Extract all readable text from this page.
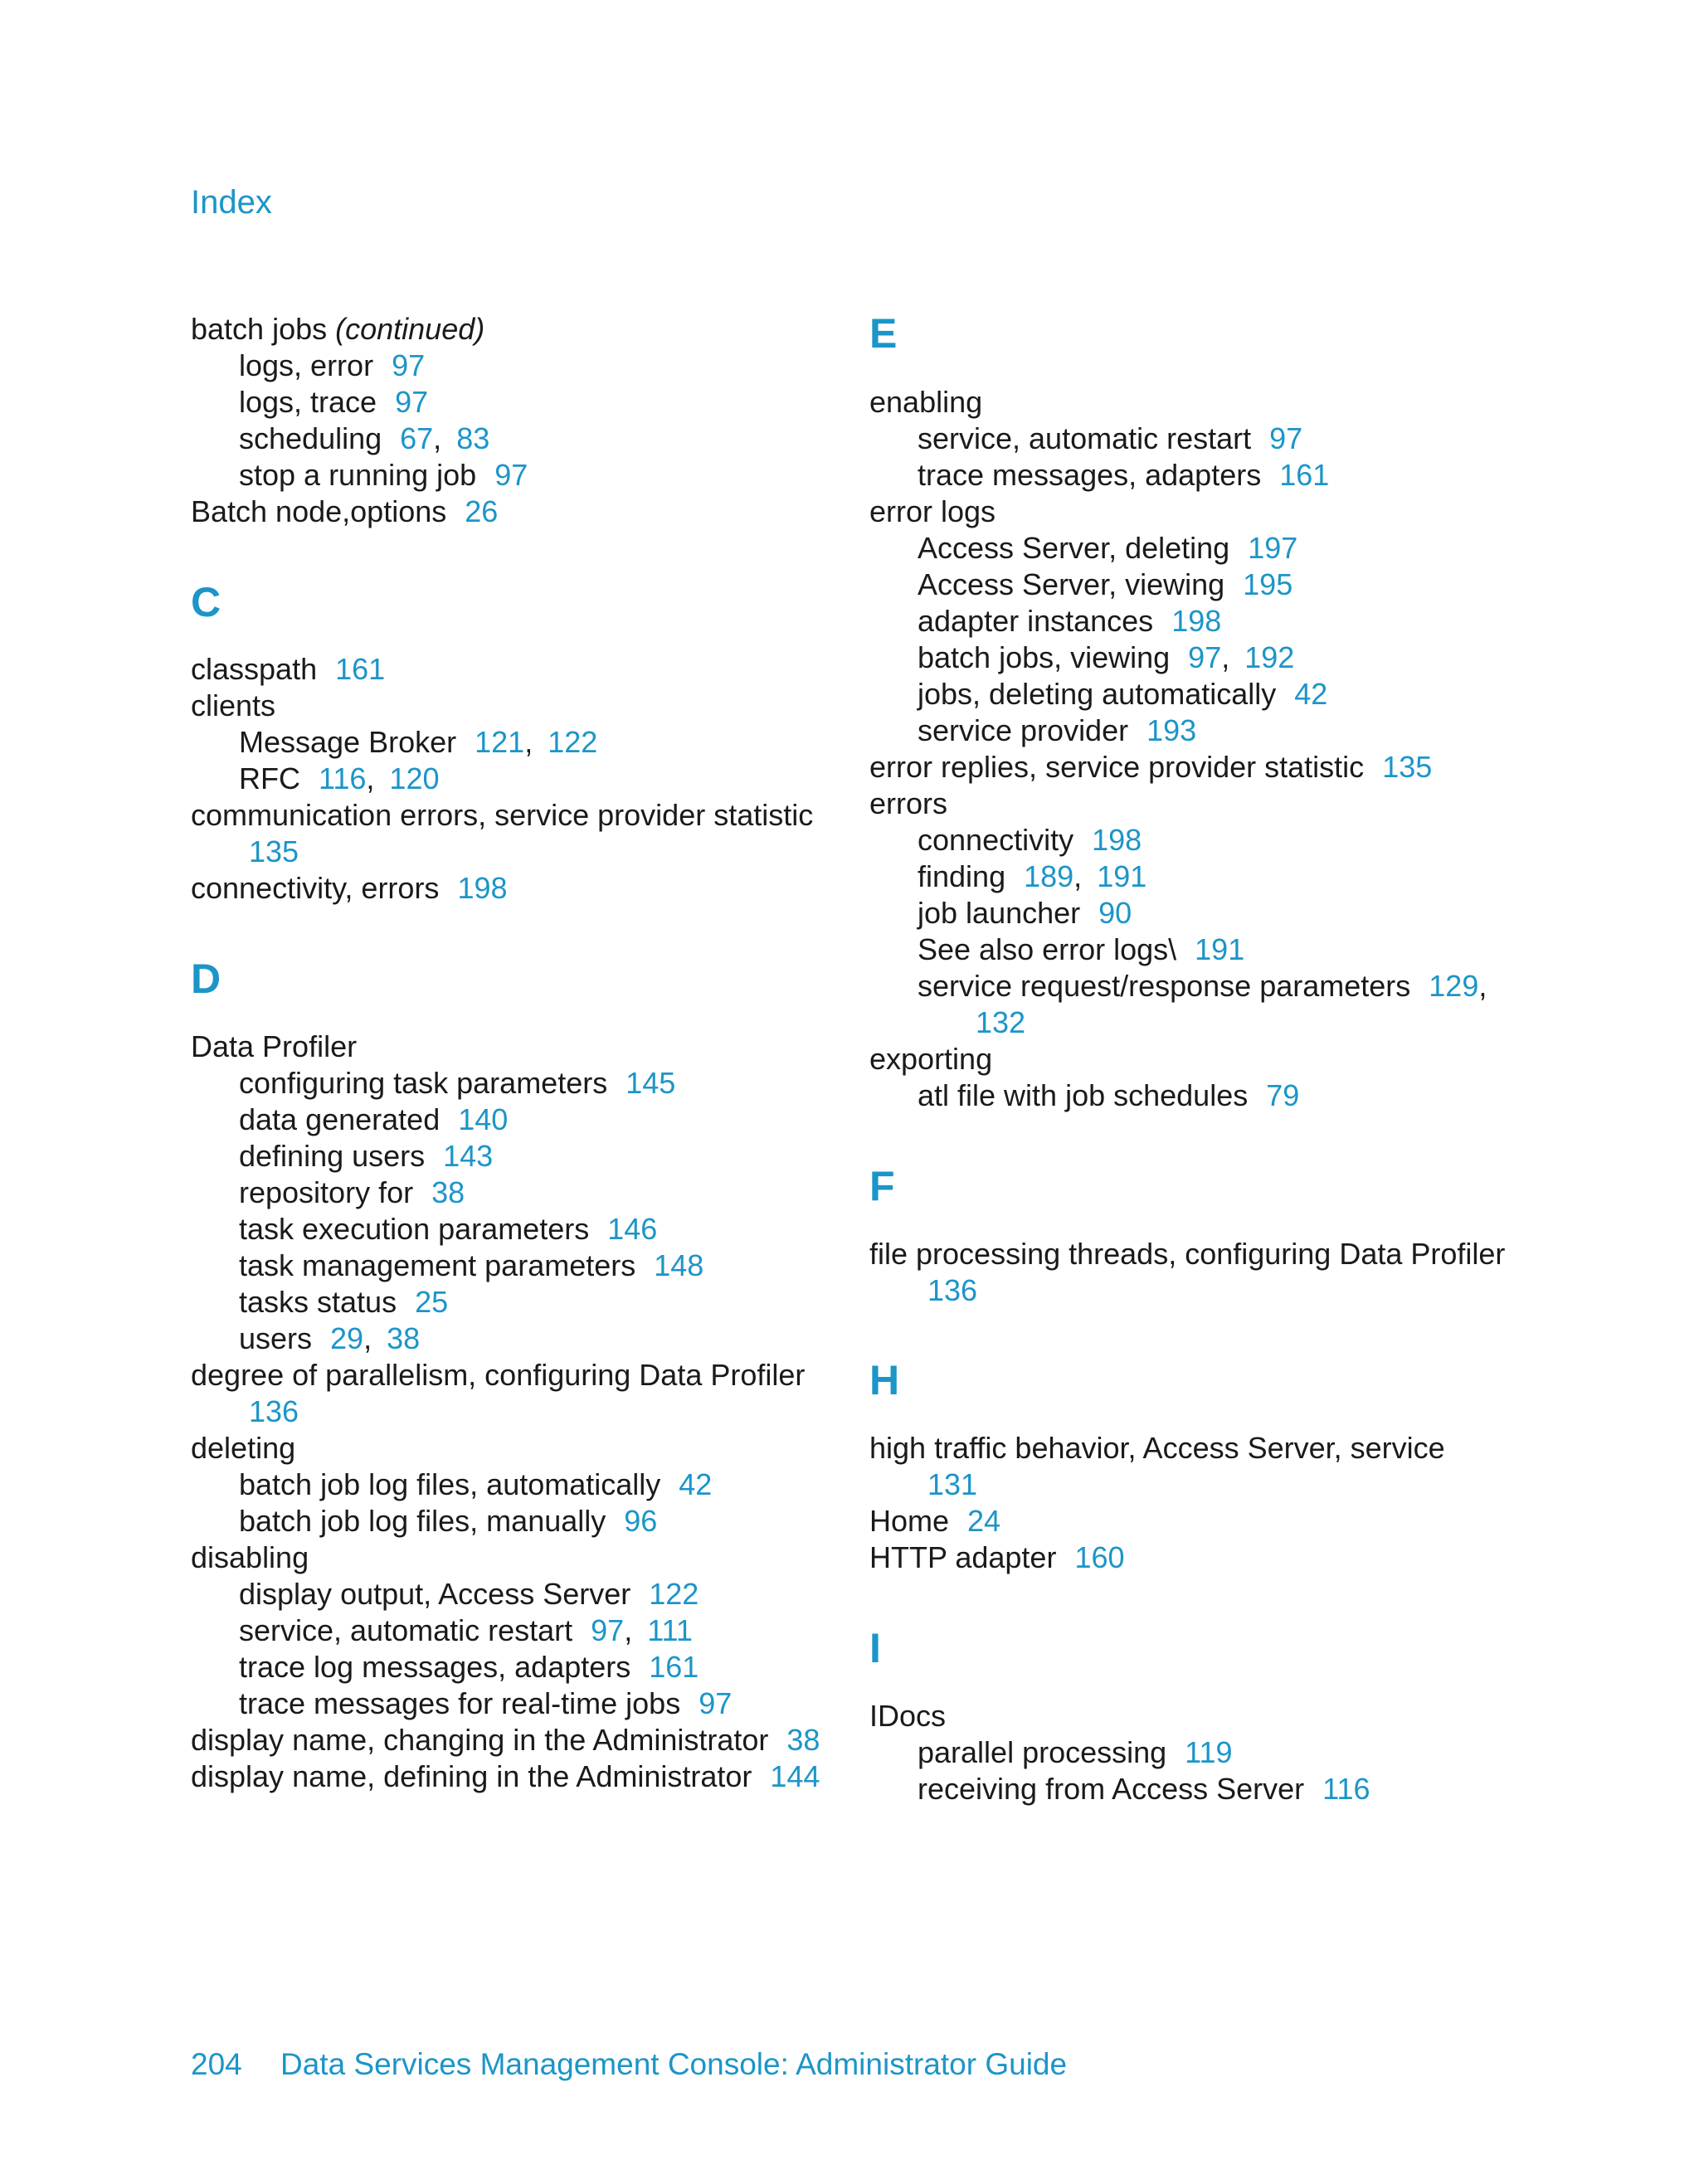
Index
batch jobs (continued)
logs, error 97
logs, trace 97
scheduling 67, 83
stop a running job 97
Batch node,options 26
C
classpath 161
clients
Message Broker 121, 122
RFC 116, 120
communication errors, service provider statistic
135
connectivity, errors 198
D
Data Profiler
configuring task parameters 145
data generated 140
defining users 143
repository for 38
task execution parameters 146
task management parameters 148
tasks status 25
users 29, 38
degree of parallelism, configuring Data Profiler
136
deleting
batch job log files, automatically 42
batch job log files, manually 96
disabling
display output, Access Server 122
service, automatic restart 97, 111
trace log messages, adapters 161
trace messages for real-time jobs 97
display name, changing in the Administrator 38
display name, defining in the Administrator 144
E
enabling
service, automatic restart 97
trace messages, adapters 161
error logs
Access Server, deleting 197
Access Server, viewing 195
adapter instances 198
batch jobs, viewing 97, 192
jobs, deleting automatically 42
service provider 193
error replies, service provider statistic 135
errors
connectivity 198
finding 189, 191
job launcher 90
See also error logs\ 191
service request/response parameters 129,
132
exporting
atl file with job schedules 79
F
file processing threads, configuring Data Profiler
136
H
high traffic behavior, Access Server, service
131
Home 24
HTTP adapter 160
I
IDocs
parallel processing 119
receiving from Access Server 116
204 Data Services Management Console: Administrator Guide
